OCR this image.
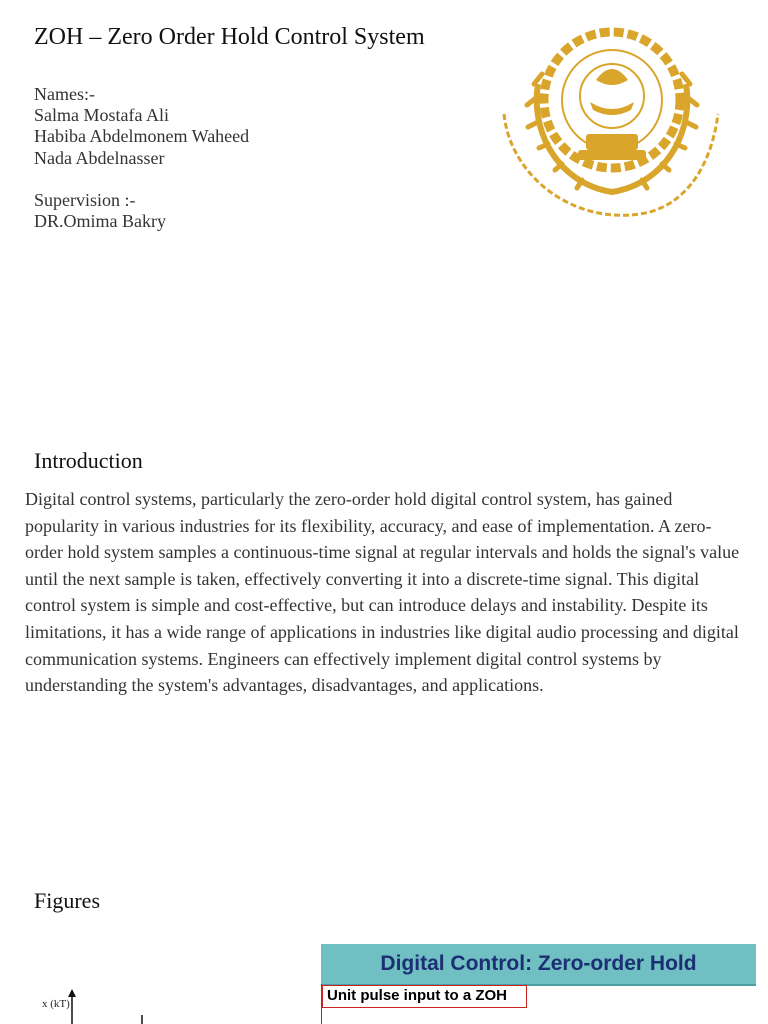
ZOH – Zero Order Hold Control System
Names:-
Salma Mostafa Ali
Habiba Abdelmonem Waheed
Nada Abdelnasser
Supervision :-
DR.Omima Bakry
Introduction
Digital control systems, particularly the zero-order hold digital control system, has gained popularity in various industries for its flexibility, accuracy, and ease of implementation. A zero-order hold system samples a continuous-time signal at regular intervals and holds the signal's value until the next sample is taken, effectively converting it into a discrete-time signal. This digital control system is simple and cost-effective, but can introduce delays and instability. Despite its limitations, it has a wide range of applications in industries like digital audio processing and digital communication systems. Engineers can effectively implement digital control systems by understanding the system's advantages, disadvantages, and applications.
Figures
x (kT)
Digital Control: Zero-order Hold
Unit pulse input to a ZOH
